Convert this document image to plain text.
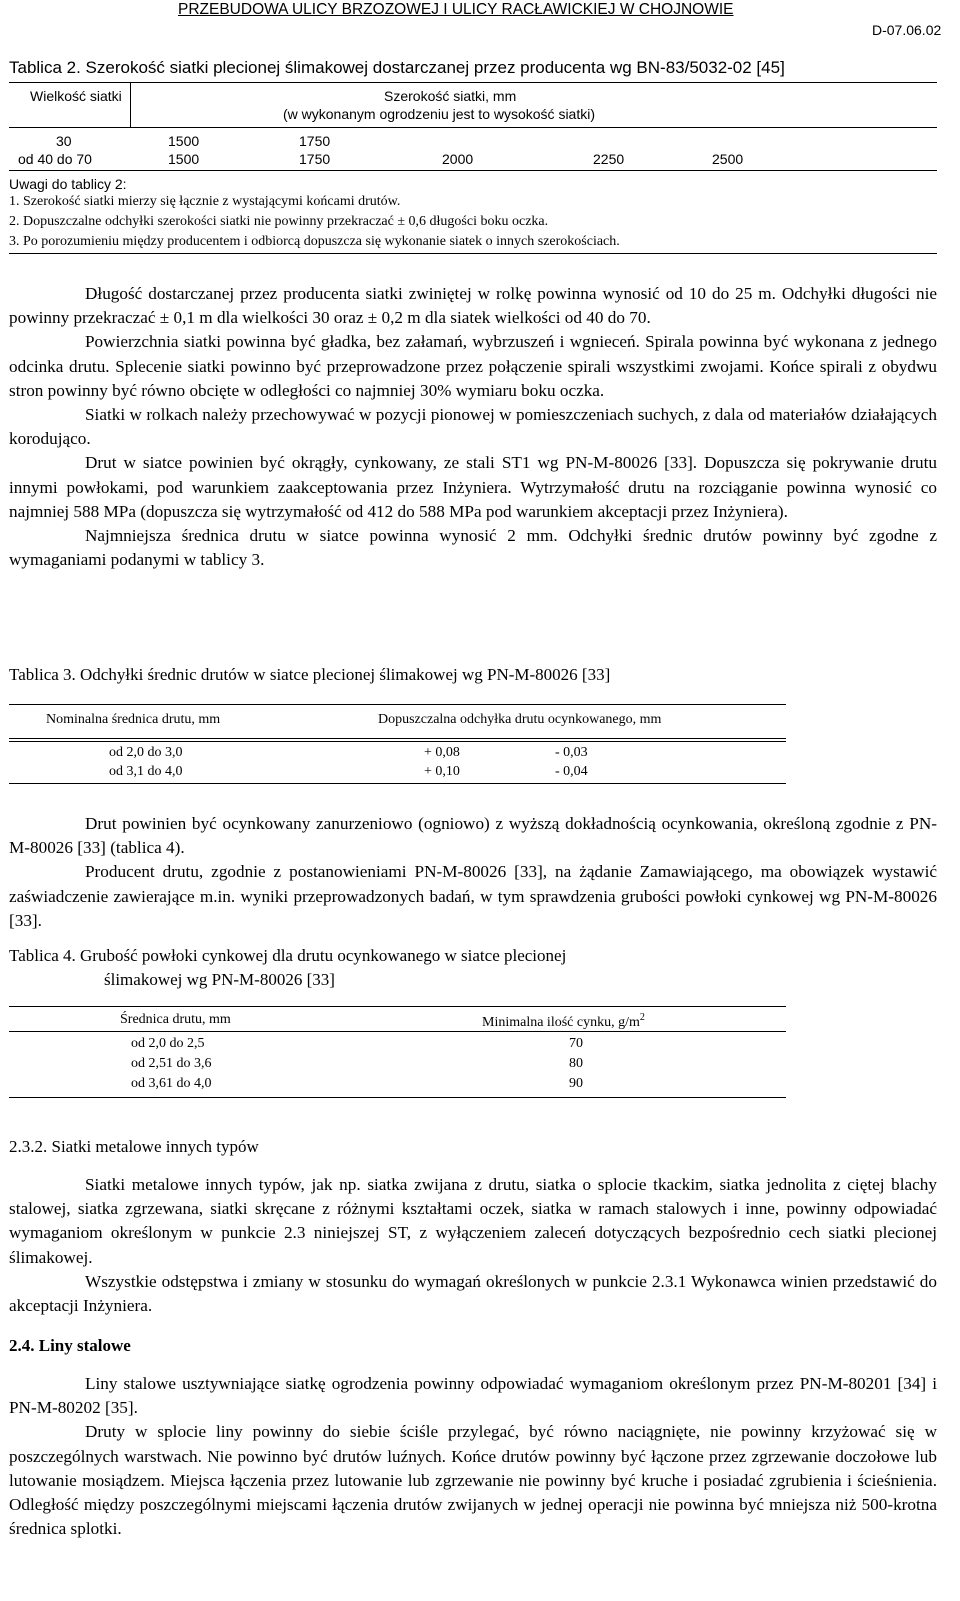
PRZEBUDOWA ULICY BRZOZOWEJ I ULICY RACŁAWICKIEJ W CHOJNOWIE
D-07.06.02
Tablica 2. Szerokość siatki plecionej ślimakowej dostarczanej przez producenta wg BN-83/5032-02 [45]
Wielkość siatki	Szerokość siatki, mm
(w wykonanym ogrodzeniu jest to wysokość siatki)
30	1500	1750
od 40 do 70	1500	1750	2000	2250	2500
Uwagi do tablicy 2:
1. Szerokość siatki mierzy się łącznie z wystającymi końcami drutów.
2. Dopuszczalne odchyłki szerokości siatki nie powinny przekraczać ± 0,6 długości boku oczka.
3. Po porozumieniu między producentem i odbiorcą dopuszcza się wykonanie siatek o innych szerokościach.

Długość dostarczanej przez producenta siatki zwiniętej w rolkę powinna wynosić od 10 do 25 m. Odchyłki długości nie powinny przekraczać ± 0,1 m dla wielkości 30 oraz ± 0,2 m dla siatek wielkości od 40 do 70.

Powierzchnia siatki powinna być gładka, bez załamań, wybrzuszeń i wgnieceń. Spirala powinna być wykonana z jednego odcinka drutu. Splecenie siatki powinno być przeprowadzone przez połączenie spirali wszystkimi zwojami. Końce spirali z obydwu stron powinny być równo obcięte w odległości co najmniej 30% wymiaru boku oczka.

Siatki w rolkach należy przechowywać w pozycji pionowej w pomieszczeniach suchych, z dala od materiałów działających korodująco.

Drut w siatce powinien być okrągły, cynkowany, ze stali ST1 wg PN-M-80026 [33]. Dopuszcza się pokrywanie drutu innymi powłokami, pod warunkiem zaakceptowania przez Inżyniera. Wytrzymałość drutu na rozciąganie powinna wynosić co najmniej 588 MPa (dopuszcza się wytrzymałość od 412 do 588 MPa pod warunkiem akceptacji przez Inżyniera).

Najmniejsza średnica drutu w siatce powinna wynosić 2 mm. Odchyłki średnic drutów powinny być zgodne z wymaganiami podanymi w tablicy 3.

Tablica 3. Odchyłki średnic drutów w siatce plecionej ślimakowej wg PN-M-80026 [33]
Nominalna średnica drutu, mm	Dopuszczalna odchyłka drutu ocynkowanego, mm
od 2,0 do 3,0	+ 0,08	- 0,03
od 3,1 do 4,0	+ 0,10	- 0,04

Drut powinien być ocynkowany zanurzeniowo (ogniowo) z wyższą dokładnością ocynkowania, określoną zgodnie z PN-M-80026 [33] (tablica 4).

Producent drutu, zgodnie z postanowieniami PN-M-80026 [33], na żądanie Zamawiającego, ma obowiązek wystawić zaświadczenie zawierające m.in. wyniki przeprowadzonych badań, w tym sprawdzenia grubości powłoki cynkowej wg PN-M-80026 [33].

Tablica 4. Grubość powłoki cynkowej dla drutu ocynkowanego w siatce plecionej
ślimakowej wg PN-M-80026 [33]
Średnica drutu, mm	Minimalna ilość cynku, $g/m^2$
od 2,0 do 2,5	70
od 2,51 do 3,6	80
od 3,61 do 4,0	90
2.3.2. Siatki metalowe innych typów

Siatki metalowe innych typów, jak np. siatka zwijana z drutu, siatka o splocie tkackim, siatka jednolita z ciętej blachy stalowej, siatka zgrzewana, siatki skręcane z różnymi kształtami oczek, siatka w ramach stalowych i inne, powinny odpowiadać wymaganiom określonym w punkcie 2.3 niniejszej ST, z wyłączeniem zaleceń dotyczących bezpośrednio cech siatki plecionej ślimakowej.

Wszystkie odstępstwa i zmiany w stosunku do wymagań określonych w punkcie 2.3.1 Wykonawca winien przedstawić do akceptacji Inżyniera.

2.4. Liny stalowe

Liny stalowe usztywniające siatkę ogrodzenia powinny odpowiadać wymaganiom określonym przez PN-M-80201 [34] i PN-M-80202 [35].

Druty w splocie liny powinny do siebie ściśle przylegać, być równo naciągnięte, nie powinny krzyżować się w poszczególnych warstwach. Nie powinno być drutów luźnych. Końce drutów powinny być łączone przez zgrzewanie doczołowe lub lutowanie mosiądzem. Miejsca łączenia przez lutowanie lub zgrzewanie nie powinny być kruche i posiadać zgrubienia i ścieśnienia. Odległość między poszczególnymi miejscami łączenia drutów zwijanych w jednej operacji nie powinna być mniejsza niż 500-krotna średnica splotki.
